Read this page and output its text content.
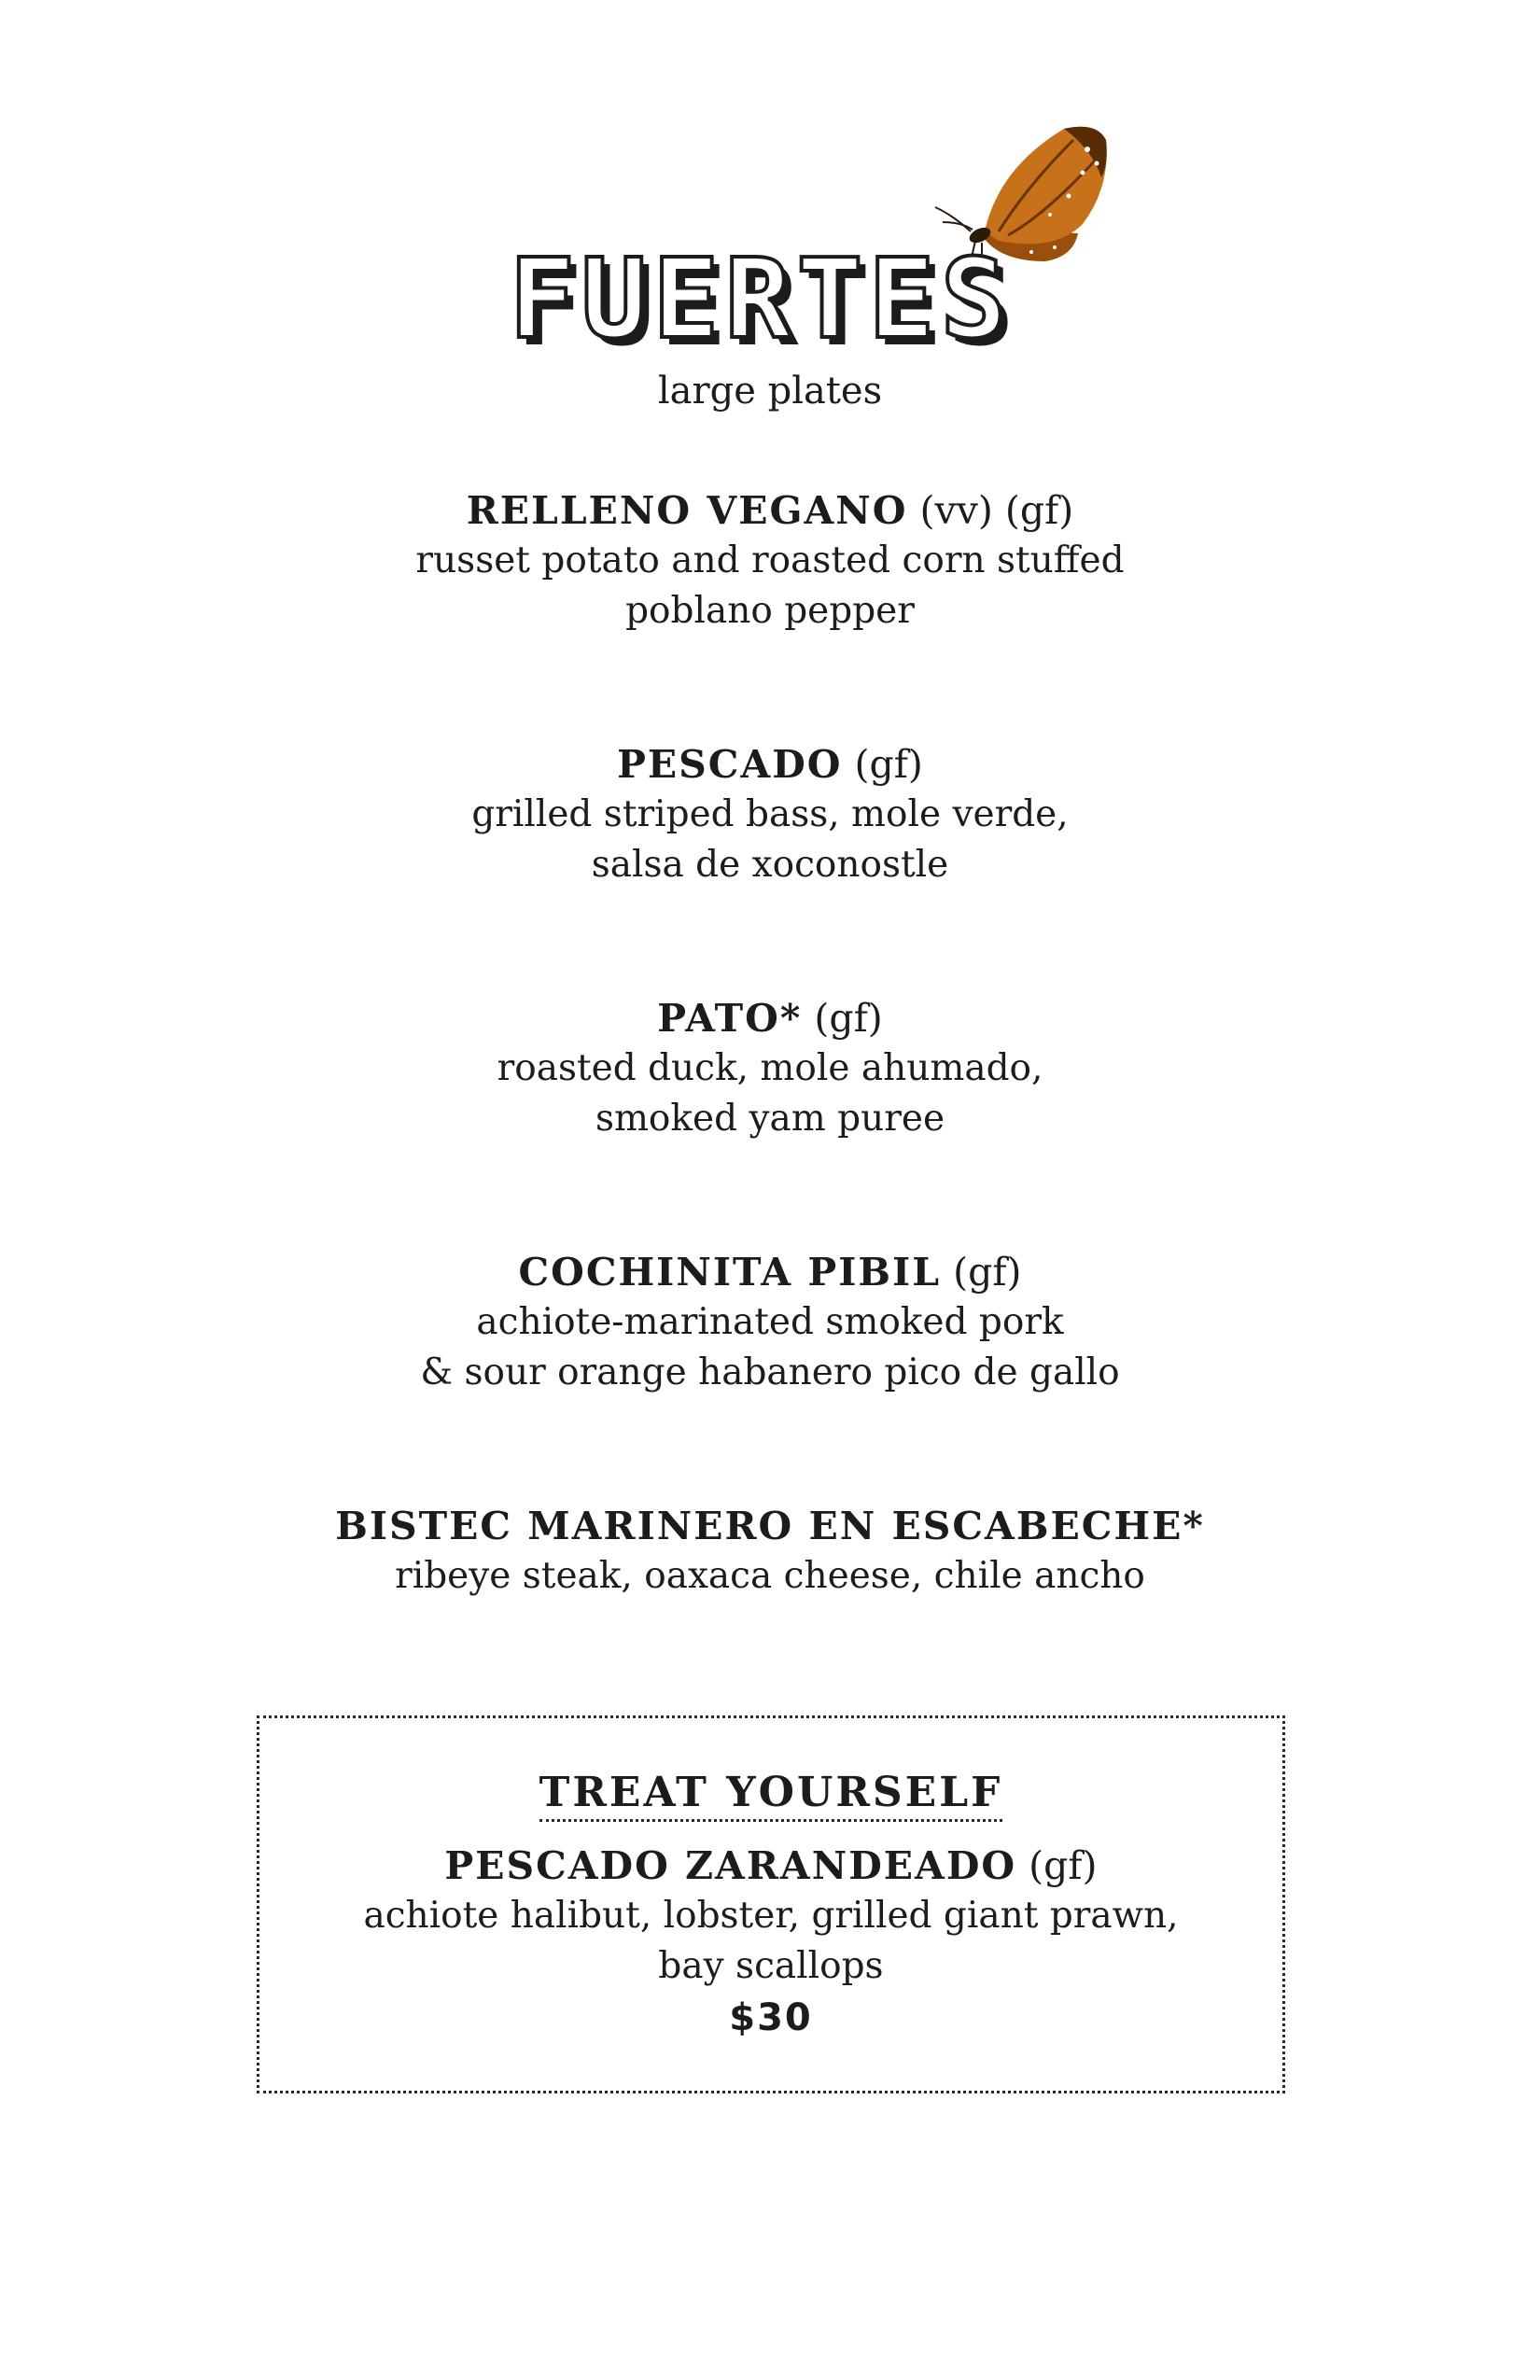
FUERTES
large plates
RELLENO VEGANO (vv) (gf)
russet potato and roasted corn stuffed
poblano pepper
PESCADO (gf)
grilled striped bass, mole verde,
salsa de xoconostle
PATO* (gf)
roasted duck, mole ahumado,
smoked yam puree
COCHINITA PIBIL (gf)
achiote-marinated smoked pork
& sour orange habanero pico de gallo
BISTEC MARINERO EN ESCABECHE*
ribeye steak, oaxaca cheese, chile ancho
TREAT YOURSELF
PESCADO ZARANDEADO (gf)
achiote halibut, lobster, grilled giant prawn,
bay scallops
$30
